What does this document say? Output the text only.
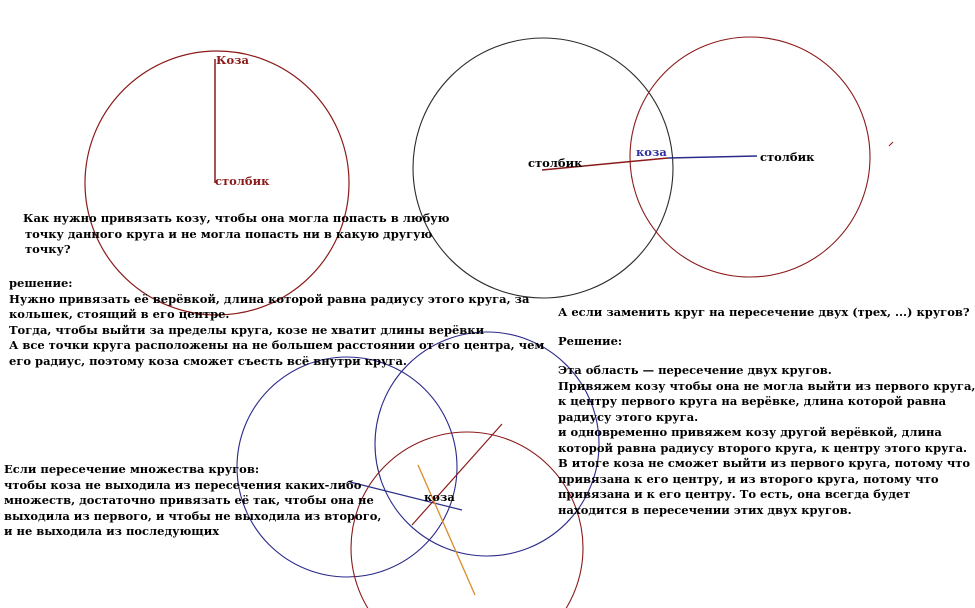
Коза
столбик
столбик
коза	столбик
коза
Как нужно привязать козу, чтобы она могла попасть в любую
точку данного круга и не могла попасть ни в какую другую
точку?
решение:
Нужно привязать её верёвкой, длина которой равна радиусу этого круга, за
кольшек, стоящий в его центре.
Тогда, чтобы выйти за пределы круга, козе не хватит длины верёвки
А все точки круга расположены на не большем расстоянии от его центра, чем
его радиус, поэтому коза сможет съесть всё внутри круга.
А если заменить круг на пересечение двух (трех, ...) кругов?
Решение:
Эта область — пересечение двух кругов.
Привяжем козу чтобы она не могла выйти из первого круга,
к центру первого круга на верёвке, длина которой равна
радиусу этого круга.
и одновременно привяжем козу другой верёвкой, длина
которой равна радиусу второго круга, к центру этого круга.
В итоге коза не сможет выйти из первого круга, потому что
привязана к его центру, и из второго круга, потому что
привязана и к его центру. То есть, она всегда будет
находится в пересечении этих двух кругов.
Если пересечение множества кругов:
чтобы коза не выходила из пересечения каких-либо
множеств, достаточно привязать её так, чтобы она не
выходила из первого, и чтобы не выходила из второго,
и не выходила из последующих
